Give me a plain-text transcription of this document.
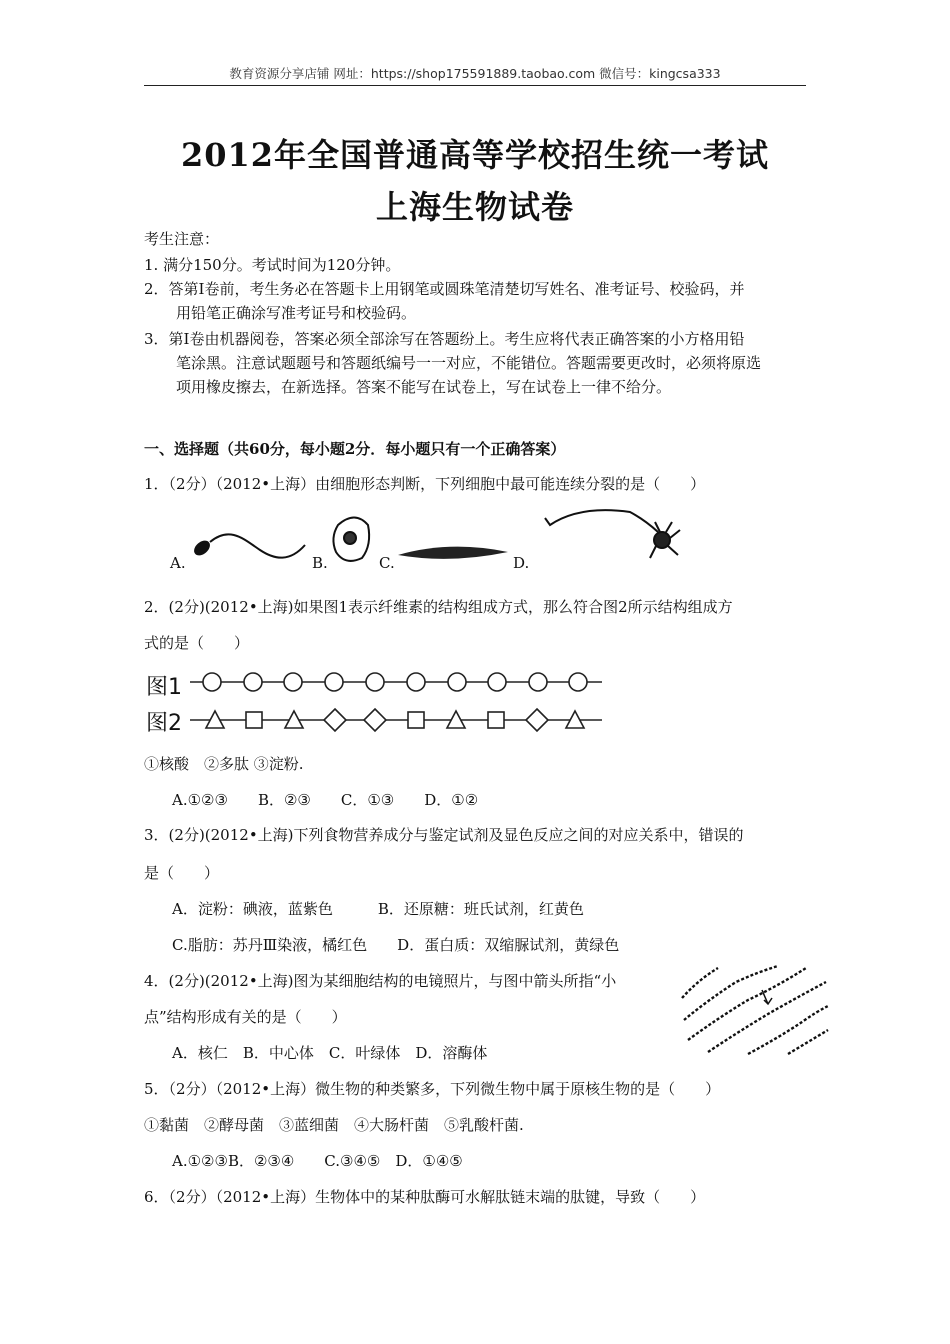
教育资源分享店铺 网址：https://shop175591889.taobao.com 微信号：kingcsa333
2012年全国普通高等学校招生统一考试
上海生物试卷
考生注意：
1. 满分150分。考试时间为120分钟。
2．答第Ⅰ卷前，考生务必在答题卡上用钢笔或圆珠笔清楚切写姓名、准考证号、校验码，并
用铅笔正确涂写准考证号和校验码。
3．第Ⅰ卷由机器阅卷，答案必须全部涂写在答题纷上。考生应将代表正确答案的小方格用铅
笔涂黑。注意试题题号和答题纸编号一一对应，不能错位。答题需要更改时，必须将原选
项用橡皮擦去，在新选择。答案不能写在试卷上，写在试卷上一律不给分。
一、选择题（共60分，每小题2分．每小题只有一个正确答案）
1．（2分）（2012•上海）由细胞形态判断，下列细胞中最可能连续分裂的是（　　）
A.	B.	C.	D.
2．(2分)(2012•上海)如果图1表示纤维素的结构组成方式，那么符合图2所示结构组成方
式的是（　　）
图1
图2
①核酸　②多肽 ③淀粉.
A.①②③　　B．②③　　C．①③　　D．①②
3．(2分)(2012•上海)下列食物营养成分与鉴定试剂及显色反应之间的对应关系中，错误的
是（　　）
A．淀粉：碘液，蓝紫色　　　B．还原糖：班氏试剂，红黄色
C.脂肪：苏丹Ⅲ染液，橘红色　　D．蛋白质：双缩脲试剂，黄绿色
4．(2分)(2012•上海)图为某细胞结构的电镜照片，与图中箭头所指“小
点”结构形成有关的是（　　）
A．核仁　B．中心体　C．叶绿体　D．溶酶体
5．（2分）（2012•上海）微生物的种类繁多，下列微生物中属于原核生物的是（　　）
①黏菌　②酵母菌　③蓝细菌　④大肠杆菌　⑤乳酸杆菌.
A.①②③B．②③④　　C.③④⑤　D．①④⑤
6．（2分）（2012•上海）生物体中的某种肽酶可水解肽链末端的肽键，导致（　　）
